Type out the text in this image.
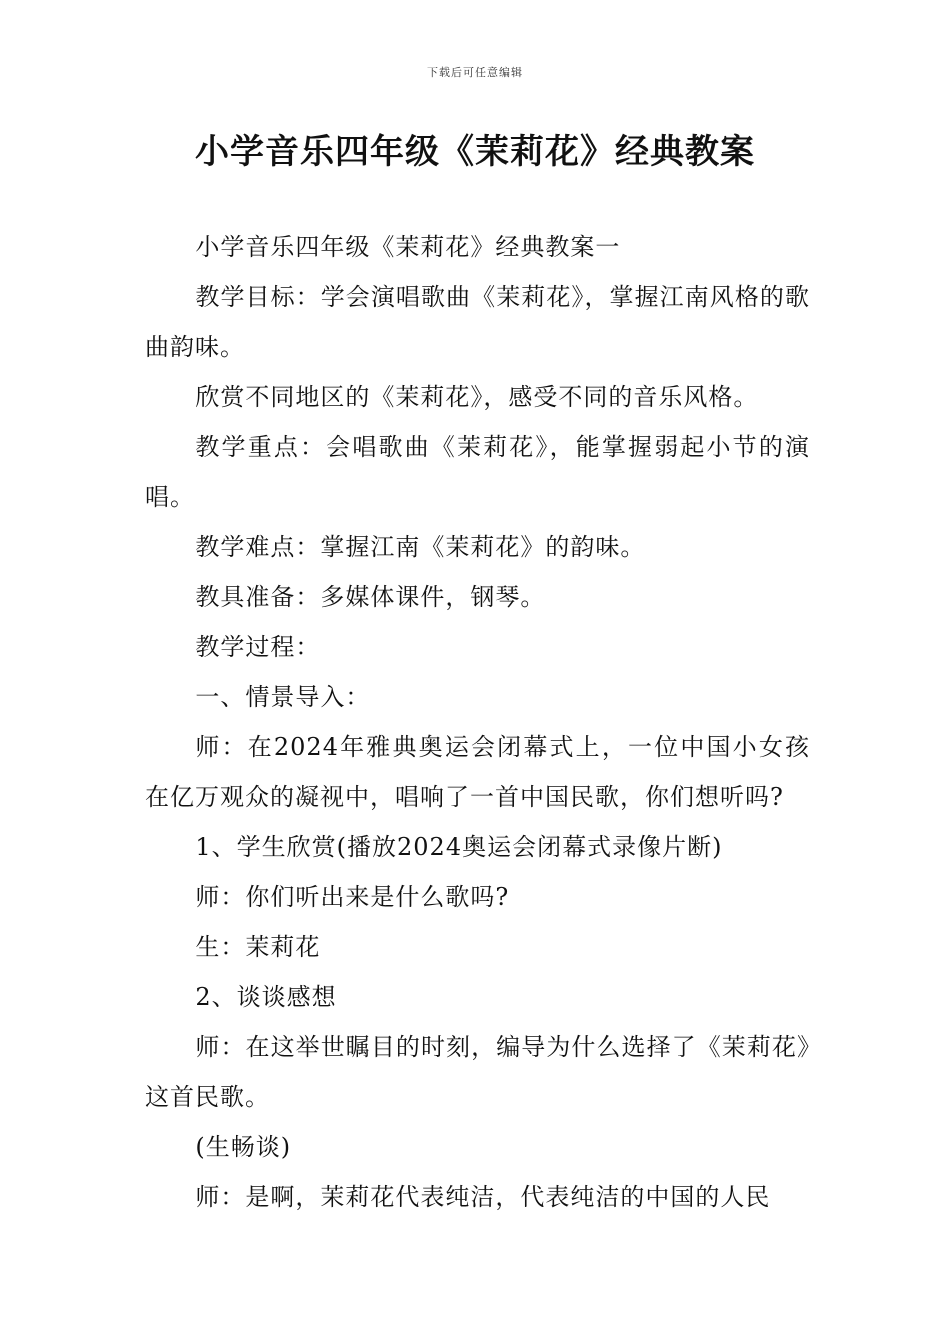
下载后可任意编辑
小学音乐四年级《茉莉花》经典教案

小学音乐四年级《茉莉花》经典教案一

教学目标：学会演唱歌曲《茉莉花》，掌握江南风格的歌曲韵味。

欣赏不同地区的《茉莉花》，感受不同的音乐风格。

教学重点：会唱歌曲《茉莉花》，能掌握弱起小节的演唱。

教学难点：掌握江南《茉莉花》的韵味。

教具准备：多媒体课件，钢琴。

教学过程：

一、情景导入：

师：在2024年雅典奥运会闭幕式上，一位中国小女孩在亿万观众的凝视中，唱响了一首中国民歌，你们想听吗?

1、学生欣赏(播放2024奥运会闭幕式录像片断)

师：你们听出来是什么歌吗?

生：茉莉花

2、谈谈感想

师：在这举世瞩目的时刻，编导为什么选择了《茉莉花》这首民歌。

(生畅谈)

师：是啊，茉莉花代表纯洁，代表纯洁的中国的人民
